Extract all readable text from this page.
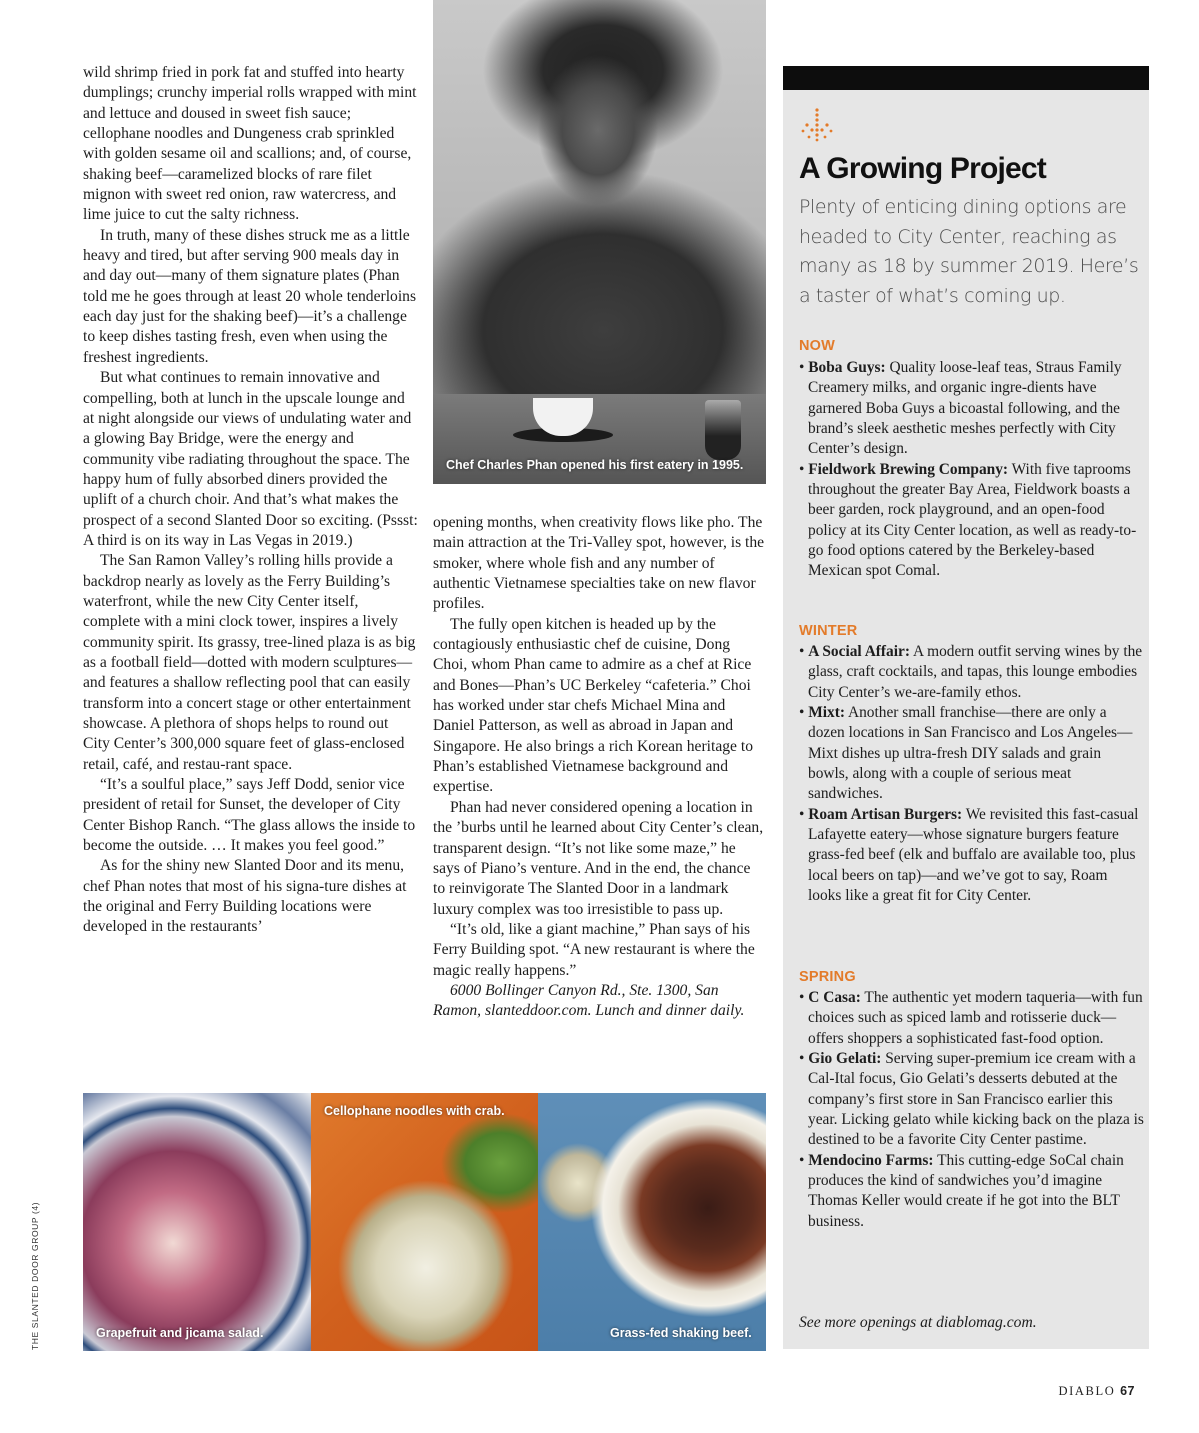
wild shrimp fried in pork fat and stuffed into hearty dumplings; crunchy imperial rolls wrapped with mint and lettuce and doused in sweet fish sauce; cellophane noodles and Dungeness crab sprinkled with golden sesame oil and scallions; and, of course, shaking beef—caramelized blocks of rare filet mignon with sweet red onion, raw watercress, and lime juice to cut the salty richness.

In truth, many of these dishes struck me as a little heavy and tired, but after serving 900 meals day in and day out—many of them signature plates (Phan told me he goes through at least 20 whole tenderloins each day just for the shaking beef)—it’s a challenge to keep dishes tasting fresh, even when using the freshest ingredients.

But what continues to remain innovative and compelling, both at lunch in the upscale lounge and at night alongside our views of undulating water and a glowing Bay Bridge, were the energy and community vibe radiating throughout the space. The happy hum of fully absorbed diners provided the uplift of a church choir. And that’s what makes the prospect of a second Slanted Door so exciting. (Pssst: A third is on its way in Las Vegas in 2019.)

The San Ramon Valley’s rolling hills provide a backdrop nearly as lovely as the Ferry Building’s waterfront, while the new City Center itself, complete with a mini clock tower, inspires a lively community spirit. Its grassy, tree-lined plaza is as big as a football field—dotted with modern sculptures—and features a shallow reflecting pool that can easily transform into a concert stage or other entertainment showcase. A plethora of shops helps to round out City Center’s 300,000 square feet of glass-enclosed retail, café, and restau-rant space.

“It’s a soulful place,” says Jeff Dodd, senior vice president of retail for Sunset, the developer of City Center Bishop Ranch. “The glass allows the inside to become the outside. … It makes you feel good.”

As for the shiny new Slanted Door and its menu, chef Phan notes that most of his signa-ture dishes at the original and Ferry Building locations were developed in the restaurants’

Chef Charles Phan opened his first eatery in 1995.

opening months, when creativity flows like pho. The main attraction at the Tri-Valley spot, however, is the smoker, where whole fish and any number of authentic Vietnamese specialties take on new flavor profiles.

The fully open kitchen is headed up by the contagiously enthusiastic chef de cuisine, Dong Choi, whom Phan came to admire as a chef at Rice and Bones—Phan’s UC Berkeley “cafeteria.” Choi has worked under star chefs Michael Mina and Daniel Patterson, as well as abroad in Japan and Singapore. He also brings a rich Korean heritage to Phan’s established Vietnamese background and expertise.

Phan had never considered opening a location in the ’burbs until he learned about City Center’s clean, transparent design. “It’s not like some maze,” he says of Piano’s venture. And in the end, the chance to reinvigorate The Slanted Door in a landmark luxury complex was too irresistible to pass up.

“It’s old, like a giant machine,” Phan says of his Ferry Building spot. “A new restaurant is where the magic really happens.”

6000 Bollinger Canyon Rd., Ste. 1300, San Ramon, slanteddoor.com. Lunch and dinner daily.

Grapefruit and jicama salad.
Cellophane noodles with crab.
Grass-fed shaking beef.
A Growing Project

Plenty of enticing dining options are headed to City Center, reaching as many as 18 by summer 2019. Here’s a taster of what’s coming up.

NOW
• Boba Guys: Quality loose-leaf teas, Straus Family Creamery milks, and organic ingre-dients have garnered Boba Guys a bicoastal following, and the brand’s sleek aesthetic meshes perfectly with City Center’s design.
• Fieldwork Brewing Company: With five taprooms throughout the greater Bay Area, Fieldwork boasts a beer garden, rock playground, and an open-food policy at its City Center location, as well as ready-to-go food options catered by the Berkeley-based Mexican spot Comal.
WINTER
• A Social Affair: A modern outfit serving wines by the glass, craft cocktails, and tapas, this lounge embodies City Center’s we-are-family ethos.
• Mixt: Another small franchise—there are only a dozen locations in San Francisco and Los Angeles—Mixt dishes up ultra-fresh DIY salads and grain bowls, along with a couple of serious meat sandwiches.
• Roam Artisan Burgers: We revisited this fast-casual Lafayette eatery—whose signature burgers feature grass-fed beef (elk and buffalo are available too, plus local beers on tap)—and we’ve got to say, Roam looks like a great fit for City Center.
SPRING
• C Casa: The authentic yet modern taqueria—with fun choices such as spiced lamb and rotisserie duck—offers shoppers a sophisticated fast-food option.
• Gio Gelati: Serving super-premium ice cream with a Cal-Ital focus, Gio Gelati’s desserts debuted at the company’s first store in San Francisco earlier this year. Licking gelato while kicking back on the plaza is destined to be a favorite City Center pastime.
• Mendocino Farms: This cutting-edge SoCal chain produces the kind of sandwiches you’d imagine Thomas Keller would create if he got into the BLT business.

See more openings at diablomag.com.

THE SLANTED DOOR GROUP (4)
DIABLO 67
